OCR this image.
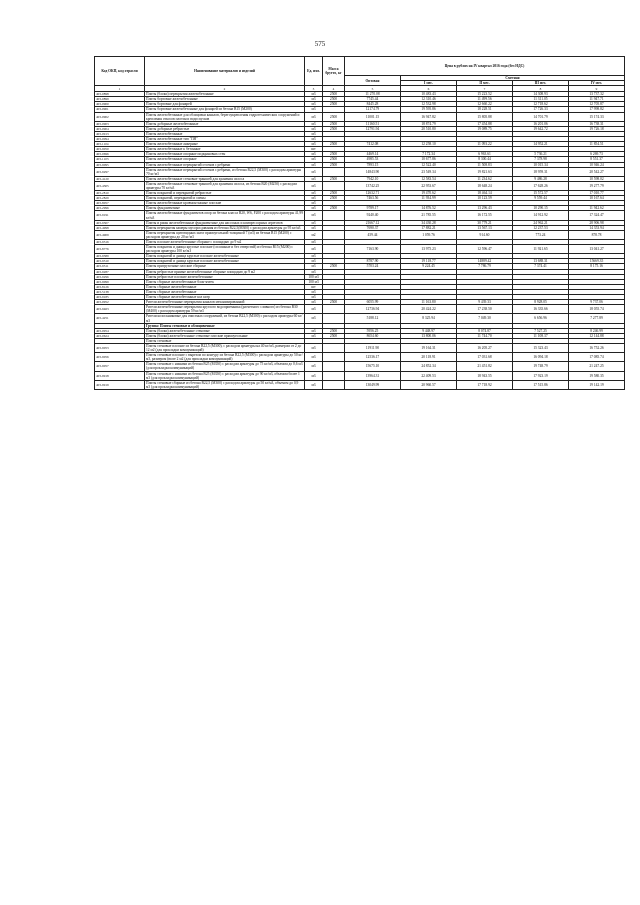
575
Код ОКП, код отрасли	Наименование материалов и изделий	Ед. изм.	Масса брутто, кг	Цена в рублях на IV квартал 2016 года (без НДС)				
				Оптовая	Сметная			
					I мес.	II мес.	III мес.	IV мес.
1	2	3	4	5	6	7	8	9
403-0898	Плиты (блоки) перекрытия железобетонные	м3	2500	11 270.08	10 483.43	15 223.52	14 308.93	13 737.32
403-0899	Плиты бортовые железобетонные	м3	2500	7745.44	12 310.46	11 499.56	11 311.05	11 947.71
403-0900	Плиты бортовые для фонарей	м3	2500	8445.28	12 532.98	12 660.22	12 718.62	12 705.87
403-0901	Плиты бортовые железобетонные для фонарей из бетона В15 (М200)	м3		12174.79	19 595.86	18 228.51	17 726.33	17 998.82
403-0902	Плиты железобетонные для облицовки каналов, берегоукрепления гидротехнических сооружений и крепления откосов плотин и водоспусков	м3	2500	11001.15	16 947.82	15 805.88	14 701.79	15 174.33
403-0903	Плиты доборные железобетонные	м3	2500	11160.51	18 874.79	17 454.88	16 201.06	16 738.31
403-0904	Плиты доборные ребристые	м3	2500	12791.94	20 510.80	19 089.75	19 642.72	19 726.18
403-0913	Плиты железобетонные	м3						
403-0094	Плиты железобетонные тип "ПЯ"	м3						
403-1104	Плиты железобетонные анкерные	м3	2500	7412.08	12 258.10	11 093.22	14 952.21	11 854.51
403-9050	Плиты железобетонные к бетонные	шт						
403-0696	Плиты железобетонные опорные подкрановых стен	м3	2500	4469.14	7 172.34	6 963.61	5 736.21	6 269.73
403-1103	Плиты железобетонные опорные	м3	2500	4985.53	10 677.86	8 300.44	7 378.98	8 551.37
403-9095	Плиты железобетонные перекрытий отсеков с ребрами	м3	2500	7893.15	12 522.40	11 508.83	10 015.34	10 946.24
403-9297	Плиты железобетонные перекрытий отсеков с ребрами, из бетона В22,5 (М300) с расходом арматуры 70 кг/м3	м3		14843.90	23 549.34	19 821.63	18 959.31	20 542.27
403-4120	Плиты железобетонные стеновые траншей для хранения силоса	м3	2500	7942.10	12 583.54	11 234.62	9 486.28	10 598.02
403-4305	Плиты железобетонные стеновые траншей для хранения силоса, из бетона В20 (М250) с расходом арматуры 70 кг/м3	м3		13742.25	22 953.67	18 648.24	17 628.26	19 277.79
403-2810	Плиты покрытий и перекрытий ребристые	м3	2500	12632.71	19 470.62	18 464.14	15 572.57	17 010.77
403-2829	Плиты покрытий, перекрытий и сиены	м3	2500	7463.56	11 934.99	10 123.59	9 559.44	10 167.64
403-8057	Плиты железобетонные кровмонтажные плоские	м3						
403-2996	Плиты фундаментные	м3	2500	9789.17	14 876.52	13 296.43	10 290.15	11 942.62
403-9191	Плиты железобетонные фундаментов опор из бетона класса В20, W6, F200 с расходом арматуры 41,99 кг/м3	м3		9240.40	21 785.55	16 172.55	14 912.92	17 324.47
403-9307	Плиты и рамы железобетонные фундаментные для насосных и компрессорных агрегатов	м3		21667.12	34 430.28	30 779.21	24 962.21	28 906.98
403-4998	Плиты перекрытия камеры мусоросдавания из бетона В22,5(М300) с расходом арматуры до 95 кг/м3	м3		7690.37	17 882.21	13 567.13	12 237.53	14 353.94
403-4909	Плиты перекрытия щитовидных шахт прямоугольной толщиной 7 (м3) из бетона В15 (М200) с расходом арматуры до 20 кг/м3	м2		459.44	1 059.76	914.60	773.24	878.78
403-9316	Плиты плоские железобетонные сборные с площадью до 9 м2	м3						
403-8776	Плиты покрытия и днища круглые плоские (сплошные и без отверстий) из бетона В15 (М200) с расходом арматуры 100 кг/м3	м3		7163.90	13 975.23	12 596.47	11 921.65	13 041.27
403-9389	Плиты покрытий и днища круглые плоские железобетонные	м3						
403-9310	Плиты покрытий и днища круглые плоские железобетонные	м3		8787.90	19 118.77	14889.42	13 688.31	15669.35
403-9311	Плиты пригрузочные плоские сборные	м3	2500	5703.24	9 224.45	7 786.79	7 374.41	8 175.16
403-9287	Плиты ребристые прямые железобетонные сборные площадью до 9 м2	м3						
403-9296	Плиты ребристые плоские железобетонные	100 м3						
403-9099	Плиты сборные железобетонные блок-ячеек	100 м3						
403-8126	Плиты сборные железобетонные	шт						
403-5138	Плиты сборные железобетонные	м3						
403-9185	Плиты сборные железобетонные кол катр	м3						
403-0952	Ригели железобетонные перекрытия каналов механизированной	м3	2500	6055.99	11 163.80	9 439.33	8 928.05	9 737.06
403-9463	Ригели железобетонные перекрытия круглого водоприемника (расчетного сливного) из бетона В30 (М400) с расходом арматуры 59 кг/м3	м3		12736.94	20 424.22	17 238.50	16 335.66	18 055.74
403-4251	Ригели колоскниковые для очистных сооружений, из бетона В22,5 (М300) с расходом арматуры 60 кг/м3	м3		5188.12	8 325.94	7 049.30	6 656.96	7 277.89
	Группа: Плиты стеновые и облицовочные							
403-0954	Плиты (блоки) железобетонные стеновые	м3	2500	5956.25	9 448.97	8 074.87	7 527.25	8 246.99
403-0624	Плиты (блоки) железобетонные стеновые плоские прямоугольные	м3	2500	8654.60	13 800.06	11 744.70	11 108.37	12 144.88
	Плиты стеновые							
403-9053	Плиты стеновые плоские из бетона В22,5 (М300), с расходом арматуры на 40 кг/м3, размером от 2 до 12 м2 (для прокладки коммуникаций)	м3		11911.90	19 164.31	16 205.27	15 323.43	16 752.26
403-9056	Плиты стеновые плоские с вырезом по контуру из бетона В22,5 (М300) с расходом арматуры до 50 кг/м3, размером (more 2 м2 (для прокладки коммуникаций)	м3		12536.17	20 118.91	17 031.68	16 094.18	17 085.74
403-9057	Плиты стеновые с нишами из бетона В25 (М350) с расходом арматуры до 75 кг/м3, объемом до 0,6 м3 (для прокладки коммуникаций)	м3		15675.10	24 852.34	21 451.82	19 748.79	21 247.25
403-9918	Плиты стеновые с нишами из бетона В25 (М350) с расходом арматуры до 90 кг/м3, объемом более 1 м3 (для прокладки коммуникаций)	м3		13964.31	22 409.53	18 943.55	17 923.19	19 580.35
403-9919	Плиты стеновые сборные из бетона В22,5 (М300) с расходом арматуры до 50 кг/м3, объемом до 0,9 м3 (для прокладки коммуникаций)	м3		13049.99	20 960.57	17 718.92	17 515.86	19 142.19
